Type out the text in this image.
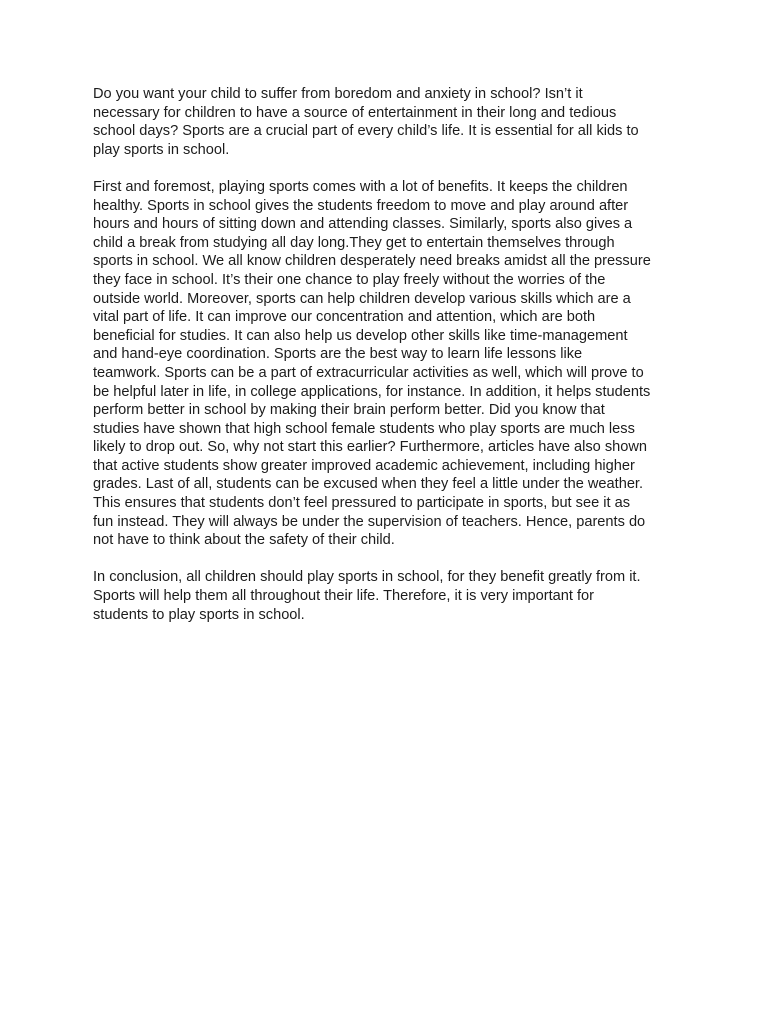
Do you want your child to suffer from boredom and anxiety in school? Isn’t it
necessary for children to have a source of entertainment in their long and tedious
school days? Sports are a crucial part of every child’s life. It is essential for all kids to
play sports in school.

First and foremost, playing sports comes with a lot of benefits. It keeps the children
healthy. Sports in school gives the students freedom to move and play around after
hours and hours of sitting down and attending classes. Similarly, sports also gives a
child a break from studying all day long.They get to entertain themselves through
sports in school. We all know children desperately need breaks amidst all the pressure
they face in school. It’s their one chance to play freely without the worries of the
outside world. Moreover, sports can help children develop various skills which are a
vital part of life. It can improve our concentration and attention, which are both
beneficial for studies. It can also help us develop other skills like time-management
and hand-eye coordination. Sports are the best way to learn life lessons like
teamwork. Sports can be a part of extracurricular activities as well, which will prove to
be helpful later in life, in college applications, for instance. In addition, it helps students
perform better in school by making their brain perform better. Did you know that
studies have shown that high school female students who play sports are much less
likely to drop out. So, why not start this earlier? Furthermore, articles have also shown
that active students show greater improved academic achievement, including higher
grades. Last of all, students can be excused when they feel a little under the weather.
This ensures that students don’t feel pressured to participate in sports, but see it as
fun instead. They will always be under the supervision of teachers. Hence, parents do
not have to think about the safety of their child.

In conclusion, all children should play sports in school, for they benefit greatly from it.
Sports will help them all throughout their life. Therefore, it is very important for
students to play sports in school.
